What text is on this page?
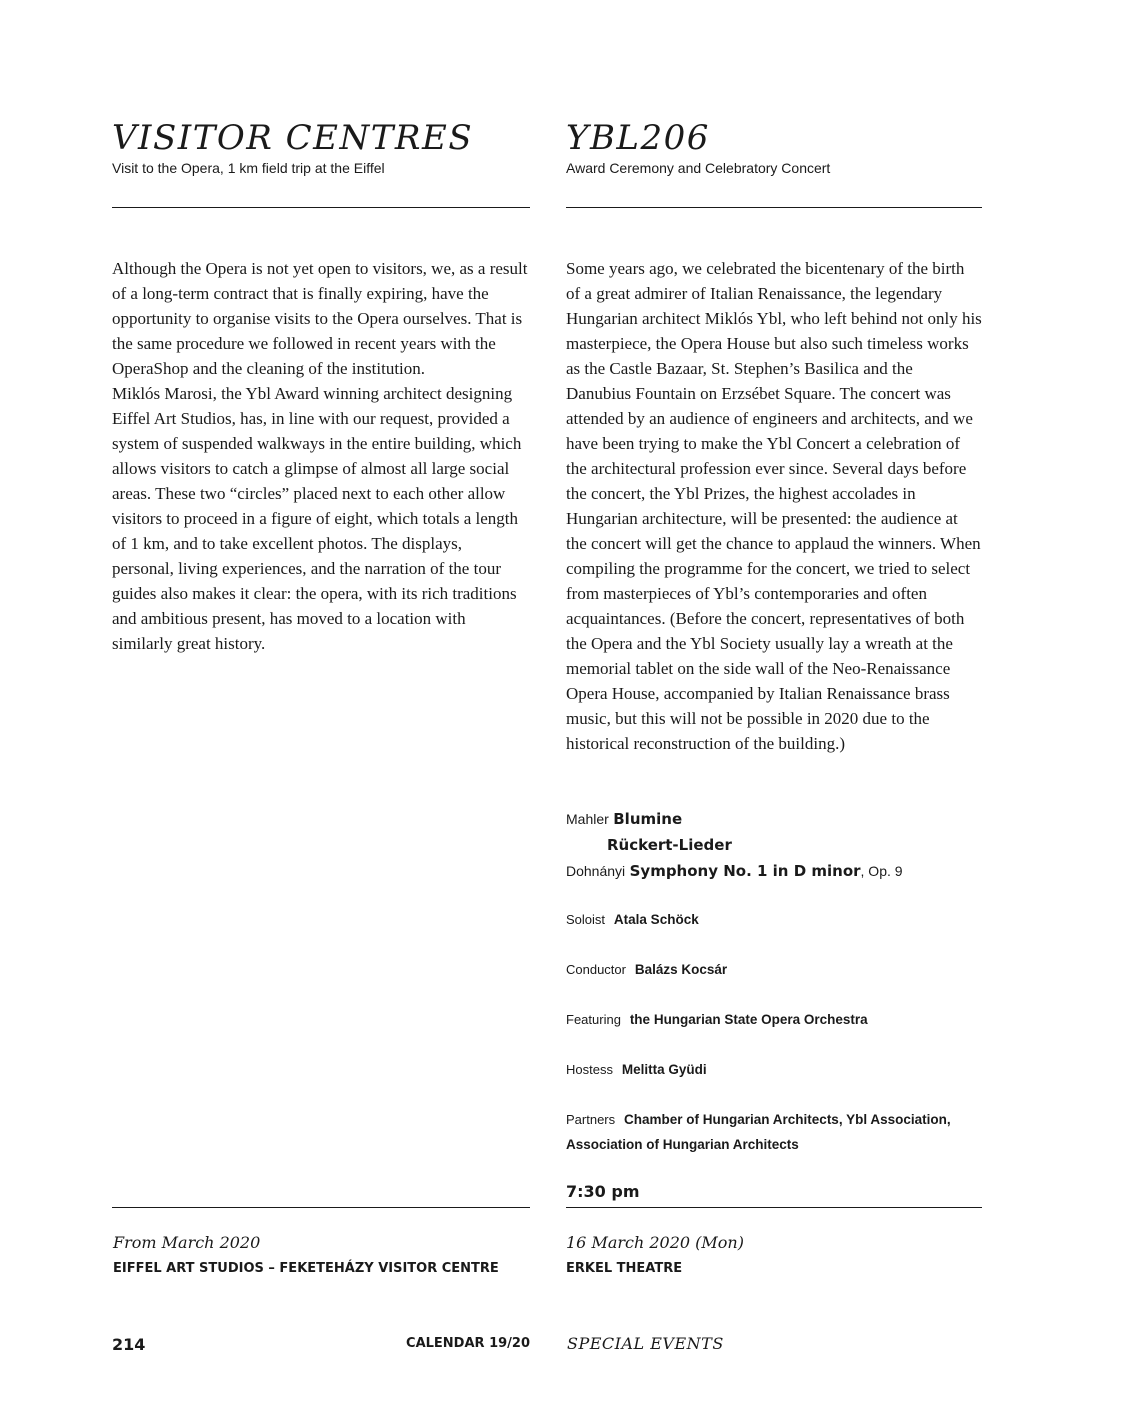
VISITOR CENTRES
Visit to the Opera, 1 km field trip at the Eiffel

Although the Opera is not yet open to visitors, we, as a result of a long-term contract that is finally expiring, have the opportunity to organise visits to the Opera ourselves. That is the same procedure we followed in recent years with the OperaShop and the cleaning of the institution.

Miklós Marosi, the Ybl Award winning architect designing Eiffel Art Studios, has, in line with our request, provided a system of suspended walkways in the entire building, which allows visitors to catch a glimpse of almost all large social areas. These two “circles” placed next to each other allow visitors to proceed in a figure of eight, which totals a length of 1 km, and to take excellent photos. The displays, personal, living experiences, and the narration of the tour guides also makes it clear: the opera, with its rich traditions and ambitious present, has moved to a location with similarly great history.

YBL206
Award Ceremony and Celebratory Concert

Some years ago, we celebrated the bicentenary of the birth of a great admirer of Italian Renaissance, the legendary Hungarian architect Miklós Ybl, who left behind not only his masterpiece, the Opera House but also such timeless works as the Castle Bazaar, St. Stephen’s Basilica and the Danubius Fountain on Erzsébet Square. The concert was attended by an audience of engineers and architects, and we have been trying to make the Ybl Concert a celebration of the architectural profession ever since. Several days before the concert, the Ybl Prizes, the highest accolades in Hungarian architecture, will be presented: the audience at the concert will get the chance to applaud the winners. When compiling the programme for the concert, we tried to select from masterpieces of Ybl’s contemporaries and often acquaintances. (Before the concert, representatives of both the Opera and the Ybl Society usually lay a wreath at the memorial tablet on the side wall of the Neo-Renaissance Opera House, accompanied by Italian Renaissance brass music, but this will not be possible in 2020 due to the historical reconstruction of the building.)

Mahler Blumine
Rückert-Lieder
Dohnányi Symphony No. 1 in D minor, Op. 9
Soloist Atala Schöck
Conductor Balázs Kocsár
Featuring the Hungarian State Opera Orchestra
Hostess Melitta Gyüdi
Partners Chamber of Hungarian Architects, Ybl Association, Association of Hungarian Architects
7:30 pm
From March 2020
EIFFEL ART STUDIOS – FEKETEHÁZY VISITOR CENTRE
16 March 2020 (Mon)
ERKEL THEATRE
214	CALENDAR 19/20 SPECIAL EVENTS
